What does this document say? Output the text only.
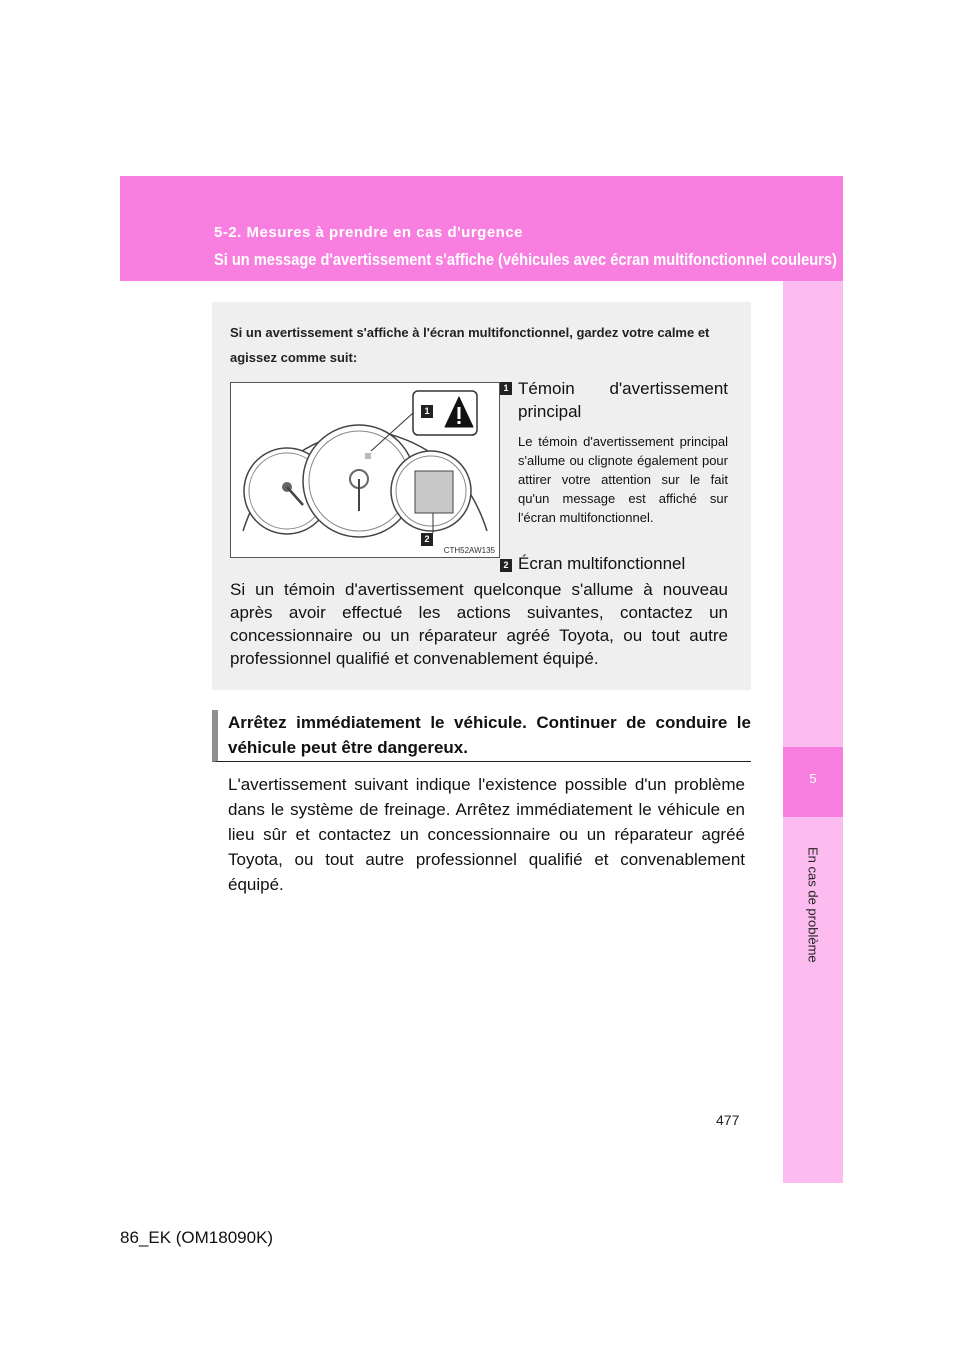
5-2. Mesures à prendre en cas d'urgence
Si un message d'avertissement s'affiche (véhicules avec écran multifonctionnel couleurs)
5
En cas de problème
Si un avertissement s'affiche à l'écran multifonctionnel, gardez votre calme et agissez comme suit:
1
2
CTH52AW135
1 Témoin d'avertissement principal
Le témoin d'avertissement principal s'allume ou clignote également pour attirer votre attention sur le fait qu'un message est affiché sur l'écran multifonctionnel.
2 Écran multifonctionnel
Si un témoin d'avertissement quelconque s'allume à nouveau après avoir effectué les actions suivantes, contactez un concessionnaire ou un réparateur agréé Toyota, ou tout autre professionnel qualifié et convenablement équipé.
Arrêtez immédiatement le véhicule. Continuer de conduire le véhicule peut être dangereux.
L'avertissement suivant indique l'existence possible d'un problème dans le système de freinage. Arrêtez immédiatement le véhicule en lieu sûr et contactez un concessionnaire ou un réparateur agréé Toyota, ou tout autre professionnel qualifié et convenablement équipé.
477
86_EK (OM18090K)
